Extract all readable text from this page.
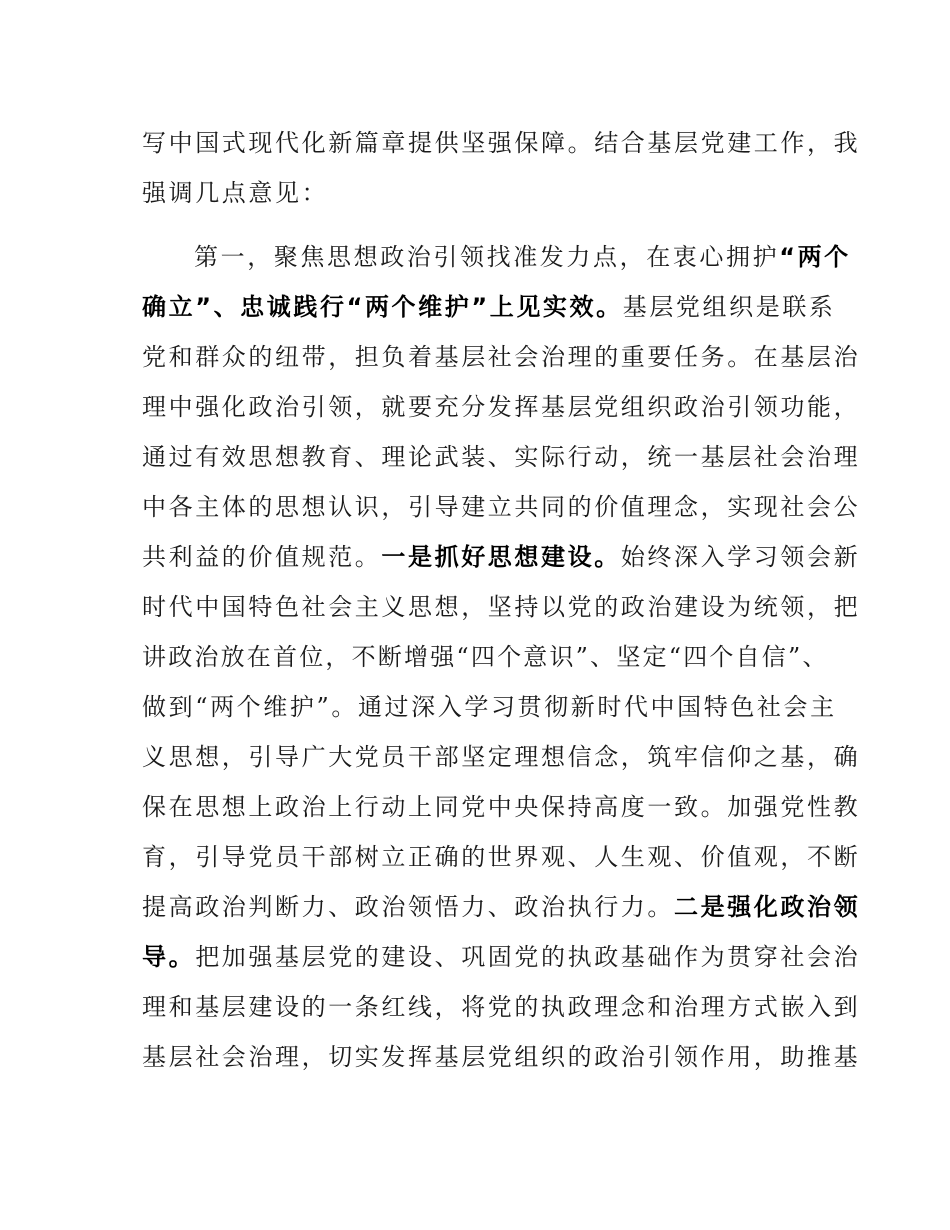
写中国式现代化新篇章提供坚强保障。结合基层党建工作，我
强调几点意见：
第一，聚焦思想政治引领找准发力点，在衷心拥护“两个
确立”、忠诚践行“两个维护”上见实效。基层党组织是联系
党和群众的纽带，担负着基层社会治理的重要任务。在基层治
理中强化政治引领，就要充分发挥基层党组织政治引领功能，
通过有效思想教育、理论武装、实际行动，统一基层社会治理
中各主体的思想认识，引导建立共同的价值理念，实现社会公
共利益的价值规范。一是抓好思想建设。始终深入学习领会新
时代中国特色社会主义思想，坚持以党的政治建设为统领，把
讲政治放在首位，不断增强“四个意识”、坚定“四个自信”、
做到“两个维护”。通过深入学习贯彻新时代中国特色社会主
义思想，引导广大党员干部坚定理想信念，筑牢信仰之基，确
保在思想上政治上行动上同党中央保持高度一致。加强党性教
育，引导党员干部树立正确的世界观、人生观、价值观，不断
提高政治判断力、政治领悟力、政治执行力。二是强化政治领
导。把加强基层党的建设、巩固党的执政基础作为贯穿社会治
理和基层建设的一条红线，将党的执政理念和治理方式嵌入到
基层社会治理，切实发挥基层党组织的政治引领作用，助推基
